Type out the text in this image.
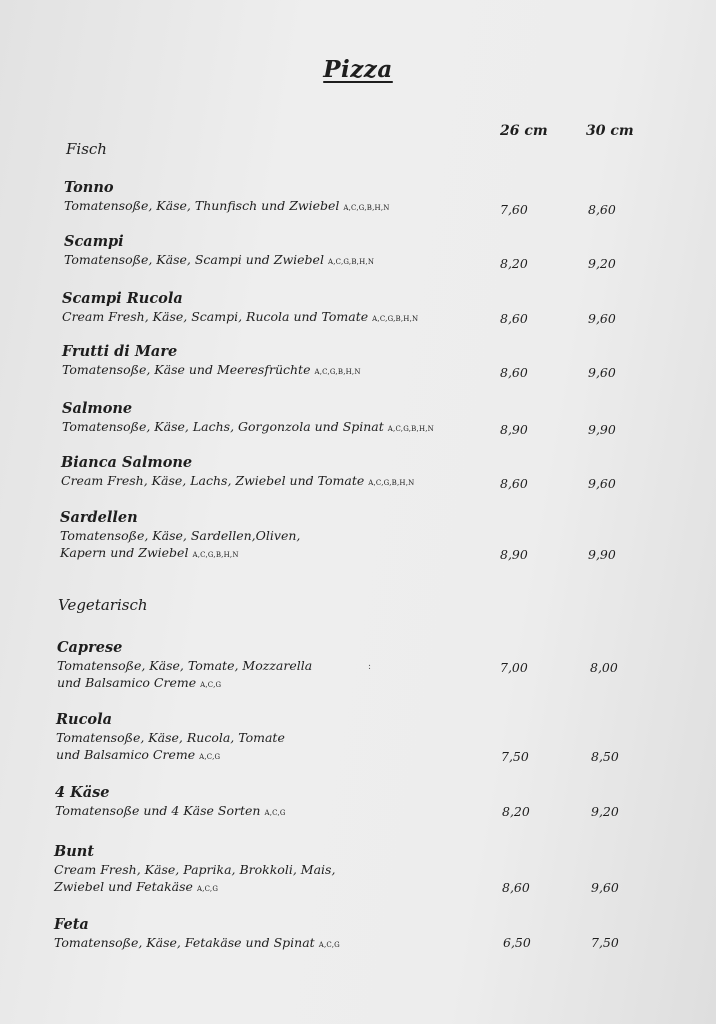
Pizza
26 cm	30 cm
Fisch
Tonno
Tomatensoße, Käse, Thunfisch und Zwiebel A,C,G,B,H,N	7,60	8,60
Scampi
Tomatensoße, Käse, Scampi und Zwiebel A,C,G,B,H,N	8,20	9,20
Scampi Rucola
Cream Fresh, Käse, Scampi, Rucola und Tomate A,C,G,B,H,N	8,60	9,60
Frutti di Mare
Tomatensoße, Käse und Meeresfrüchte A,C,G,B,H,N	8,60	9,60
Salmone
Tomatensoße, Käse, Lachs, Gorgonzola und Spinat A,C,G,B,H,N	8,90	9,90
Bianca Salmone
Cream Fresh, Käse, Lachs, Zwiebel und Tomate A,C,G,B,H,N	8,60	9,60
Sardellen
Tomatensoße, Käse, Sardellen,Oliven,
Kapern und Zwiebel A,C,G,B,H,N	8,90	9,90
Vegetarisch
Caprese
Tomatensoße, Käse, Tomate, Mozzarella
und Balsamico Creme A,C,G
:	7,00	8,00
Rucola
Tomatensoße, Käse, Rucola, Tomate
und Balsamico Creme A,C,G	7,50	8,50
4 Käse
Tomatensoße und 4 Käse Sorten A,C,G	8,20	9,20
Bunt
Cream Fresh, Käse, Paprika, Brokkoli, Mais,
Zwiebel und Fetakäse A,C,G	8,60	9,60
Feta
Tomatensoße, Käse, Fetakäse und Spinat A,C,G	6,50	7,50
